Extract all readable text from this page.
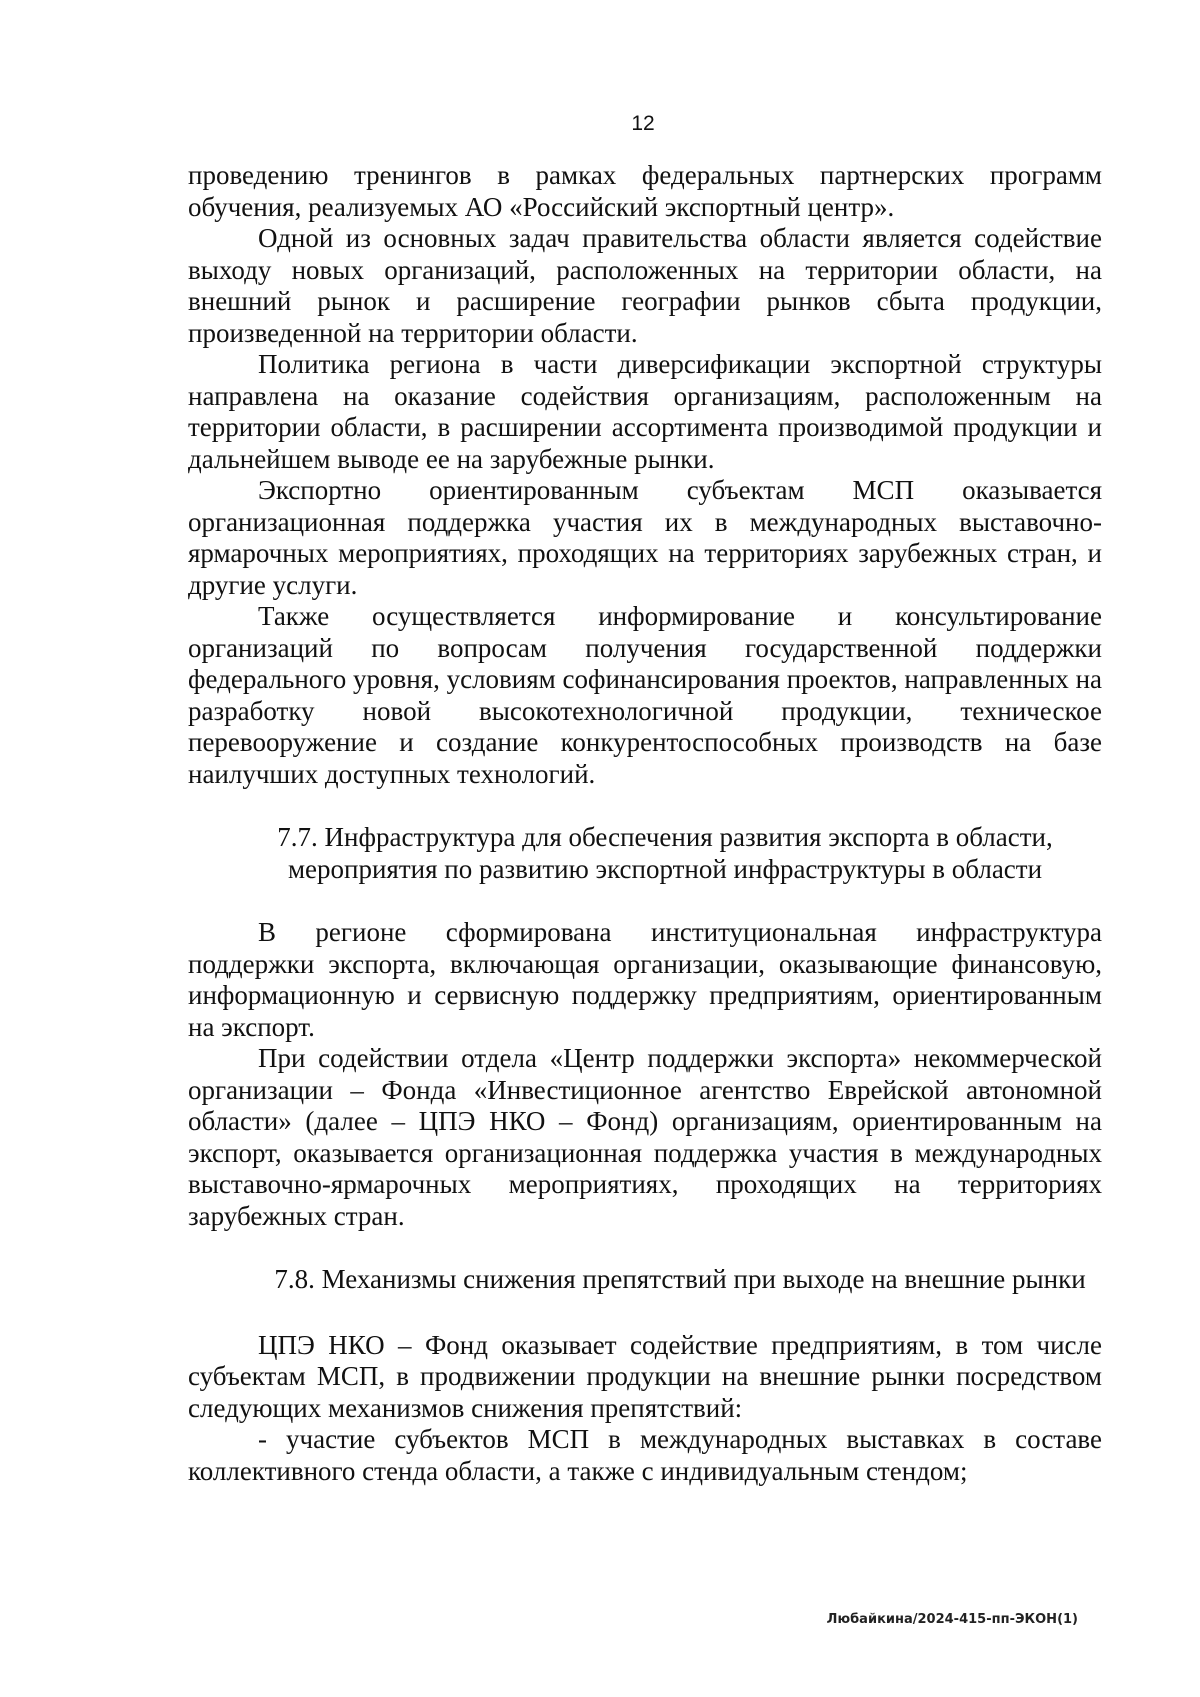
12

проведению тренингов в рамках федеральных партнерских программ обучения, реализуемых АО «Российский экспортный центр».

Одной из основных задач правительства области является содействие выходу новых организаций, расположенных на территории области, на внешний рынок и расширение географии рынков сбыта продукции, произведенной на территории области.

Политика региона в части диверсификации экспортной структуры направлена на оказание содействия организациям, расположенным на территории области, в расширении ассортимента производимой продукции и дальнейшем выводе ее на зарубежные рынки.

Экспортно ориентированным субъектам МСП оказывается организационная поддержка участия их в международных выставочно-ярмарочных мероприятиях, проходящих на территориях зарубежных стран, и другие услуги.

Также осуществляется информирование и консультирование организаций по вопросам получения государственной поддержки федерального уровня, условиям софинансирования проектов, направленных на разработку новой высокотехнологичной продукции, техническое перевооружение и создание конкурентоспособных производств на базе наилучших доступных технологий.

7.7. Инфраструктура для обеспечения развития экспорта в области,
мероприятия по развитию экспортной инфраструктуры в области

В регионе сформирована институциональная инфраструктура поддержки экспорта, включающая организации, оказывающие финансовую, информационную и сервисную поддержку предприятиям, ориентированным на экспорт.

При содействии отдела «Центр поддержки экспорта» некоммерческой организации – Фонда «Инвестиционное агентство Еврейской автономной области» (далее – ЦПЭ НКО – Фонд) организациям, ориентированным на экспорт, оказывается организационная поддержка участия в международных выставочно-ярмарочных мероприятиях, проходящих на территориях зарубежных стран.

7.8. Механизмы снижения препятствий при выходе на внешние рынки

ЦПЭ НКО – Фонд оказывает содействие предприятиям, в том числе субъектам МСП, в продвижении продукции на внешние рынки посредством следующих механизмов снижения препятствий:

- участие субъектов МСП в международных выставках в составе коллективного стенда области, а также с индивидуальным стендом;

Любайкина/2024-415-пп-ЭКОН(1)
